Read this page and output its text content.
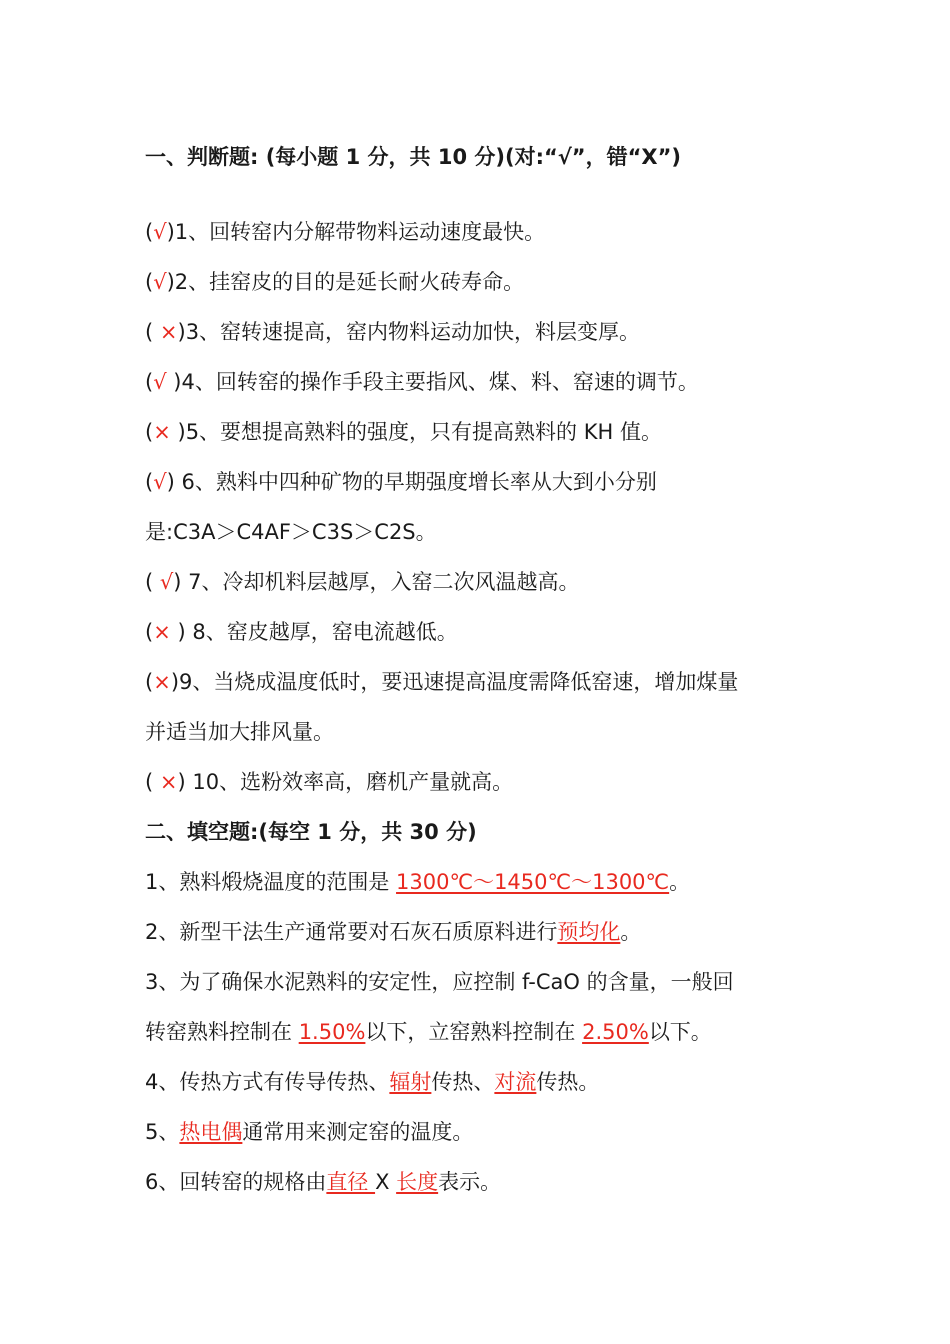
一、判断题: (每小题 1 分，共 10 分)(对:“√”，错“X”)
(√)1、回转窑内分解带物料运动速度最快。
(√)2、挂窑皮的目的是延长耐火砖寿命。
( ×)3、窑转速提高，窑内物料运动加快，料层变厚。
(√ )4、回转窑的操作手段主要指风、煤、料、窑速的调节。
(× )5、要想提高熟料的强度，只有提高熟料的 KH 值。
(√) 6、熟料中四种矿物的早期强度增长率从大到小分别
是:C3A＞C4AF＞C3S＞C2S。
( √) 7、冷却机料层越厚，入窑二次风温越高。
(× ) 8、窑皮越厚，窑电流越低。
(×)9、当烧成温度低时，要迅速提高温度需降低窑速，增加煤量
并适当加大排风量。
( ×) 10、选粉效率高，磨机产量就高。
二、填空题:(每空 1 分，共 30 分)
1、熟料煅烧温度的范围是 1300℃～1450℃～1300℃。
2、新型干法生产通常要对石灰石质原料进行预均化。
3、为了确保水泥熟料的安定性，应控制 f-CaO 的含量，一般回
转窑熟料控制在 1.50%以下，立窑熟料控制在 2.50%以下。
4、传热方式有传导传热、辐射传热、对流传热。
5、热电偶通常用来测定窑的温度。
6、回转窑的规格由直径 X 长度表示。
